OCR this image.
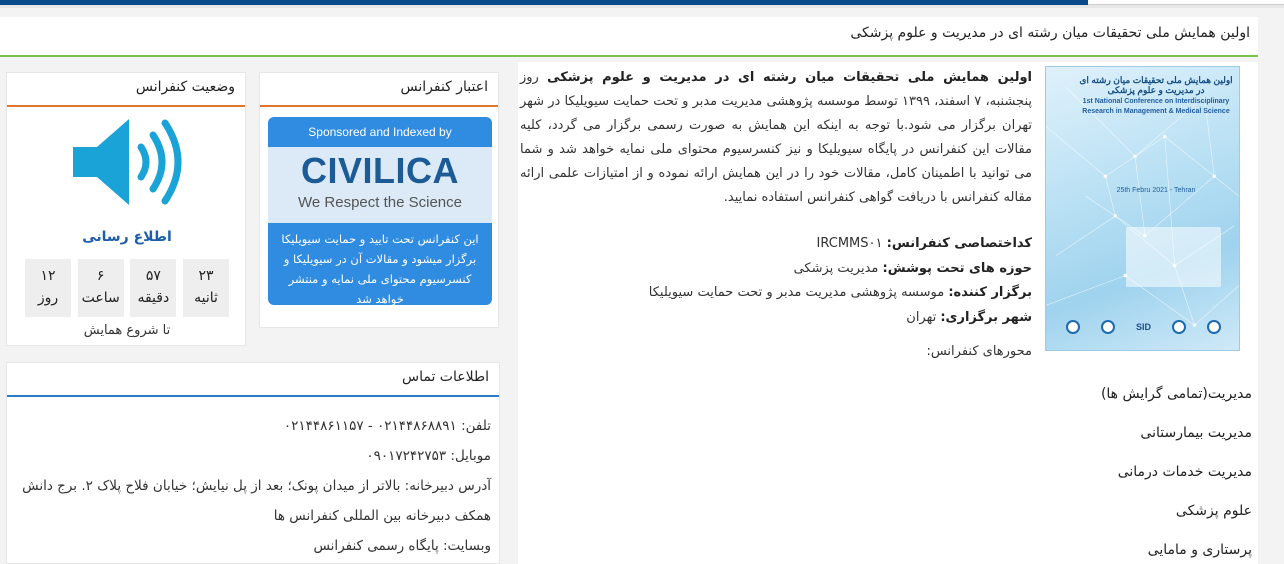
اولین همایش ملی تحقیقات میان رشته ای در مدیریت و علوم پزشکی
اولین همایش ملی تحقیقات میان رشته ای در مدیریت و علوم پزشکی
1st National Conference on Interdisciplinary Research in Management & Medical Science
25th Febru 2021 - Tehran
SID
اولین همایش ملی تحقیقات میان رشته ای در مدیریت و علوم پزشکی روز پنجشنبه، ۷ اسفند، ۱۳۹۹ توسط موسسه پژوهشی مدیریت مدبر و تحت حمایت سیویلیکا در شهر تهران برگزار می شود.با توجه به اینکه این همایش به صورت رسمی برگزار می گردد، کلیه مقالات این کنفرانس در پایگاه سیویلیکا و نیز کنسرسیوم محتوای ملی نمایه خواهد شد و شما می توانید با اطمینان کامل، مقالات خود را در این همایش ارائه نموده و از امتیازات علمی ارائه مقاله کنفرانس با دریافت گواهی کنفرانس استفاده نمایید.
کداختصاصی کنفرانس: IRCMMS۰۱
حوزه های تحت پوشش: مدیریت پزشکی
برگزار کننده: موسسه پژوهشی مدیریت مدبر و تحت حمایت سیویلیکا
شهر برگزاری: تهران
محورهای کنفرانس:
مدیریت(تمامی گرایش ها)
مدیریت بیمارستانی
مدیریت خدمات درمانی
علوم پزشکی
پرستاری و مامایی
وضعیت کنفرانس
اطلاع رسانی
۲۳
ثانیه
۵۷
دقیقه
۶
ساعت
۱۲
روز
تا شروع همایش
اعتبار کنفرانس
Sponsored and Indexed by
CIVILICA
We Respect the Science
این کنفرانس تحت تایید و حمایت سیویلیکا برگزار میشود و مقالات آن در سیویلیکا و کنسرسیوم محتوای ملی نمایه و منتشر خواهد شد
اطلاعات تماس
تلفن: ۰۲۱۴۴۸۶۸۸۹۱ - ۰۲۱۴۴۸۶۱۱۵۷
موبایل: ۰۹۰۱۷۲۴۲۷۵۳
آدرس دبیرخانه: بالاتر از میدان پونک؛ بعد از پل نیایش؛ خیابان فلاح پلاک ۲. برج دانش همکف دبیرخانه بین المللی کنفرانس ها
وبسایت: پایگاه رسمی کنفرانس
